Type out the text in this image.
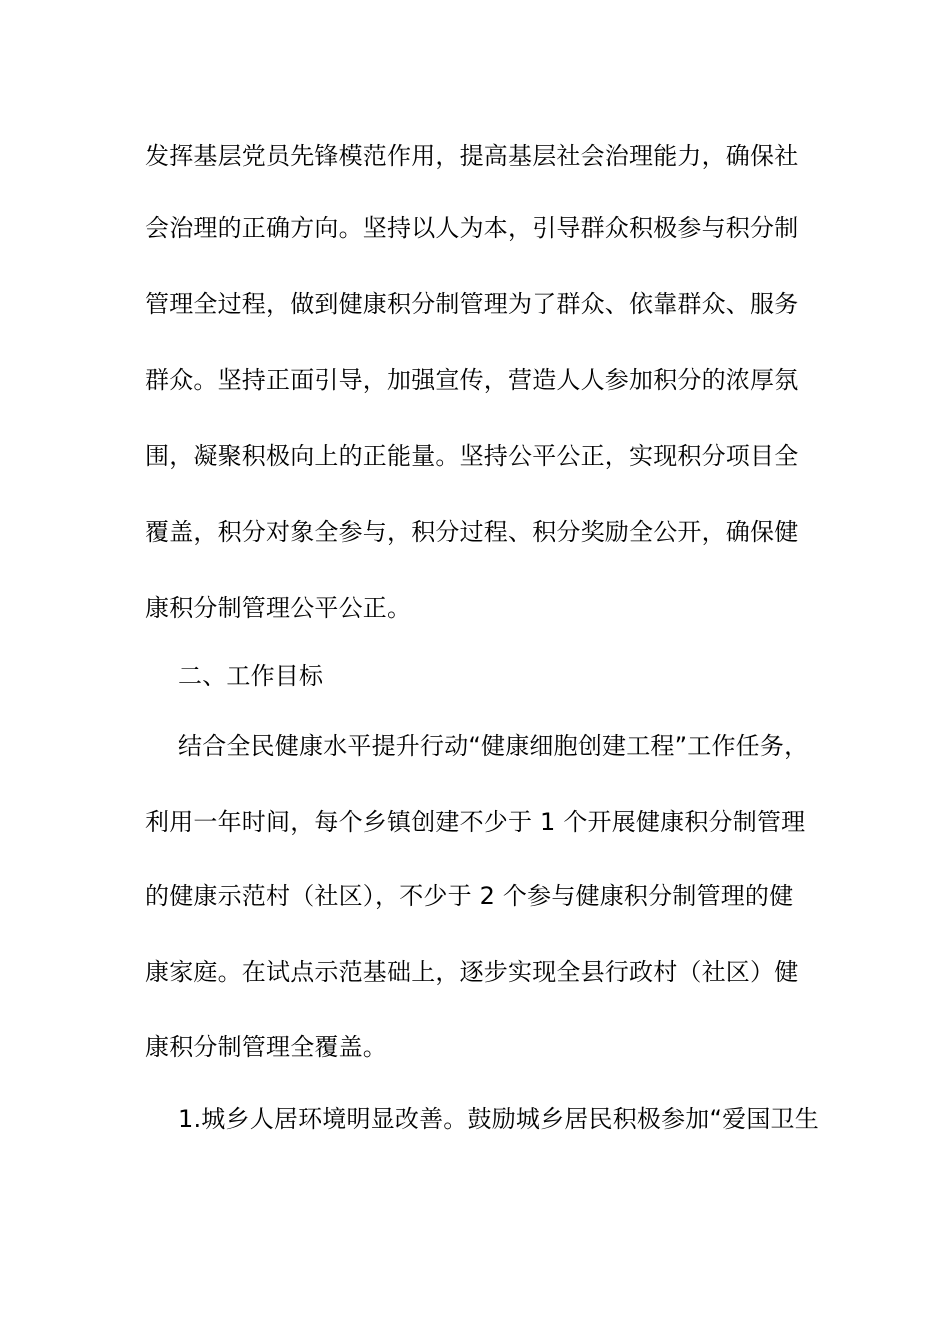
发挥基层党员先锋模范作用，提高基层社会治理能力，确保社
会治理的正确方向。坚持以人为本，引导群众积极参与积分制
管理全过程，做到健康积分制管理为了群众、依靠群众、服务
群众。坚持正面引导，加强宣传，营造人人参加积分的浓厚氛
围，凝聚积极向上的正能量。坚持公平公正，实现积分项目全
覆盖，积分对象全参与，积分过程、积分奖励全公开，确保健
康积分制管理公平公正。
二、工作目标
结合全民健康水平提升行动“健康细胞创建工程”工作任务，
利用一年时间，每个乡镇创建不少于 1 个开展健康积分制管理
的健康示范村（社区），不少于 2 个参与健康积分制管理的健
康家庭。在试点示范基础上，逐步实现全县行政村（社区）健
康积分制管理全覆盖。
1.城乡人居环境明显改善。鼓励城乡居民积极参加“爱国卫生
